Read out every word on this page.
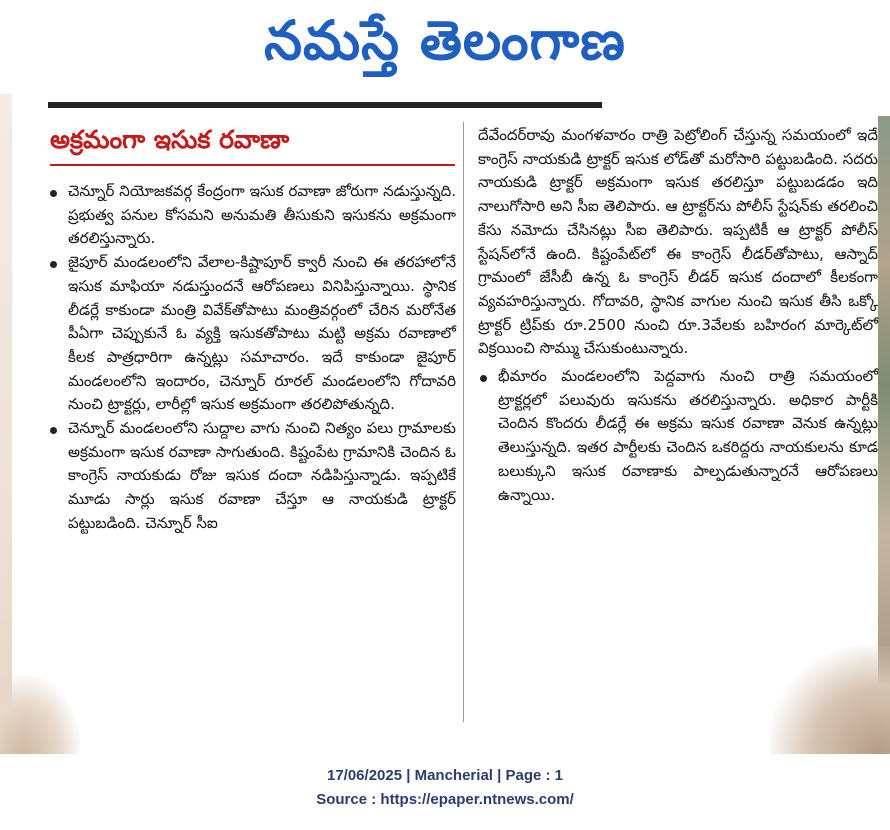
నమస్తే తెలంగాణ
అక్రమంగా ఇసుక రవాణా
చెన్నూర్ నియోజకవర్గ కేంద్రంగా ఇసుక రవాణా జోరుగా నడుస్తున్నది. ప్రభుత్వ పనుల కోసమని అనుమతి తీసుకుని ఇసుకను అక్రమంగా తరలిస్తున్నారు.
జైపూర్ మండలంలోని వేలాల-కిష్టాపూర్ క్వారీ నుంచి ఈ తరహాలోనే ఇసుక మాఫియా నడుస్తుందనే ఆరోపణలు వినిపిస్తున్నాయి. స్థానిక లీడర్లే కాకుండా మంత్రి వివేక్‌తోపాటు మంత్రివర్గంలో చేరిన మరోనేత పీఏగా చెప్పుకునే ఓ వ్యక్తి ఇసుకతోపాటు మట్టి అక్రమ రవాణాలో కీలక పాత్రధారిగా ఉన్నట్లు సమాచారం. ఇదే కాకుండా జైపూర్ మండలంలోని ఇందారం, చెన్నూర్ రూరల్ మండలంలోని గోదావరి నుంచి ట్రాక్టర్లు, లారీల్లో ఇసుక అక్రమంగా తరలిపోతున్నది.
చెన్నూర్ మండలంలోని సుద్దాల వాగు నుంచి నిత్యం పలు గ్రామాలకు అక్రమంగా ఇసుక రవాణా సాగుతుంది. కిష్టంపేట గ్రామానికి చెందిన ఓ కాంగ్రెస్ నాయకుడు రోజు ఇసుక దందా నడిపిస్తున్నాడు. ఇప్పటికే మూడు సార్లు ఇసుక రవాణా చేస్తూ ఆ నాయకుడి ట్రాక్టర్ పట్టుబడింది. చెన్నూర్ సీఐ
దేవేందర్‌రావు మంగళవారం రాత్రి పెట్రోలింగ్ చేస్తున్న సమయంలో ఇదే కాంగ్రెస్ నాయకుడి ట్రాక్టర్ ఇసుక లోడ్‌తో మరోసారి పట్టుబడింది. సదరు నాయకుడి ట్రాక్టర్ అక్రమంగా ఇసుక తరలిస్తూ పట్టుబడడం ఇది నాలుగోసారి అని సీఐ తెలిపారు. ఆ ట్రాక్టర్‌ను పోలీస్ స్టేషన్‌కు తరలించి కేసు నమోదు చేసినట్లు సీఐ తెలిపారు. ఇప్పటికీ ఆ ట్రాక్టర్ పోలీస్ స్టేషన్‌లోనే ఉంది. కిష్టంపేట్‌లో ఈ కాంగ్రెస్ లీడర్‌తోపాటు, ఆస్నాద్ గ్రామంలో జేసీబీ ఉన్న ఓ కాంగ్రెస్ లీడర్ ఇసుక దందాలో కీలకంగా వ్యవహరిస్తున్నారు. గోదావరి, స్థానిక వాగుల నుంచి ఇసుక తీసి ఒక్కో ట్రాక్టర్ ట్రిప్‌కు రూ.2500 నుంచి రూ.3వేలకు బహిరంగ మార్కెట్‌లో విక్రయించి సొమ్ము చేసుకుంటున్నారు.
భీమారం మండలంలోని పెద్దవాగు నుంచి రాత్రి సమయంలో ట్రాక్టర్లలో పలువురు ఇసుకను తరలిస్తున్నారు. అధికార పార్టీకి చెందిన కొందరు లీడర్లే ఈ అక్రమ ఇసుక రవాణా వెనుక ఉన్నట్లు తెలుస్తున్నది. ఇతర పార్టీలకు చెందిన ఒకరిద్దరు నాయకులను కూడ బలుక్కుని ఇసుక రవాణాకు పాల్పడుతున్నారనే ఆరోపణలు ఉన్నాయి.
17/06/2025 | Mancherial | Page : 1
Source : https://epaper.ntnews.com/
